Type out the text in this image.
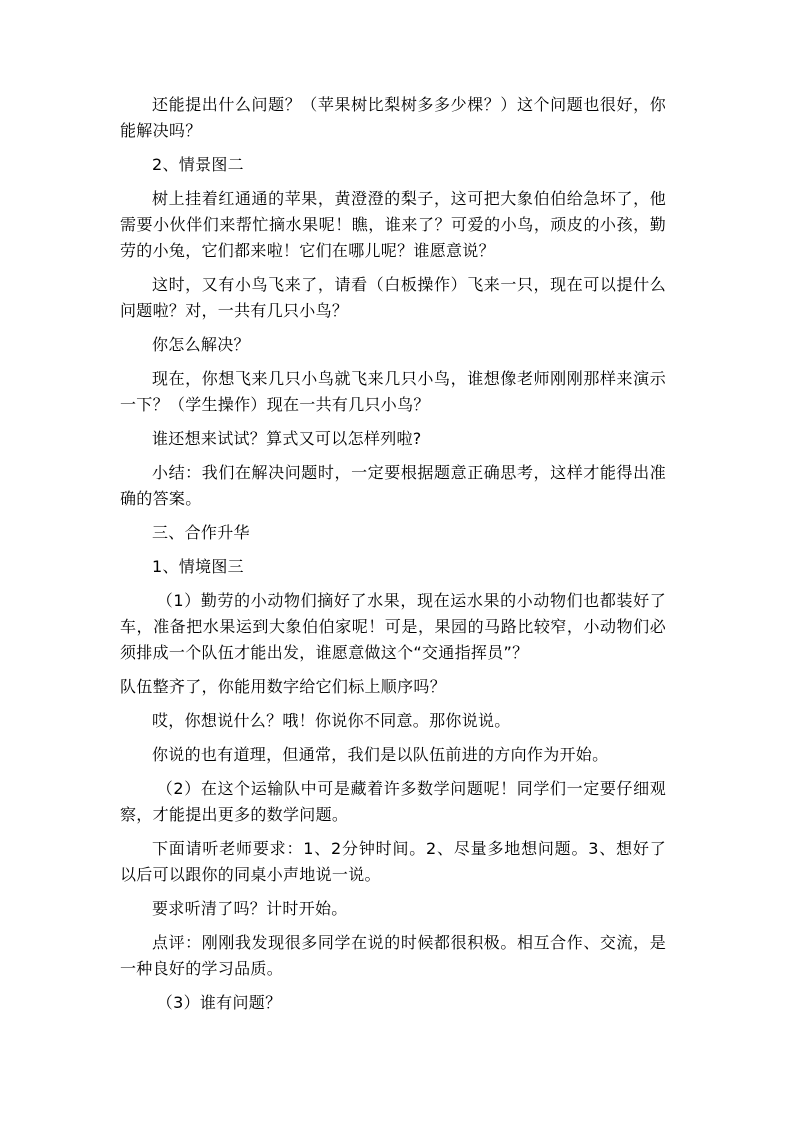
还能提出什么问题？（苹果树比梨树多多少棵？）这个问题也很好，你能解决吗？

2、情景图二

树上挂着红通通的苹果，黄澄澄的梨子，这可把大象伯伯给急坏了，他需要小伙伴们来帮忙摘水果呢！瞧，谁来了？可爱的小鸟，顽皮的小孩，勤劳的小兔，它们都来啦！它们在哪儿呢？谁愿意说？

这时，又有小鸟飞来了，请看（白板操作）飞来一只，现在可以提什么问题啦？对，一共有几只小鸟？

你怎么解决？

现在，你想飞来几只小鸟就飞来几只小鸟，谁想像老师刚刚那样来演示一下？（学生操作）现在一共有几只小鸟？

谁还想来试试？算式又可以怎样列啦?

小结：我们在解决问题时，一定要根据题意正确思考，这样才能得出准确的答案。

三、合作升华

1、情境图三

（1）勤劳的小动物们摘好了水果，现在运水果的小动物们也都装好了车，准备把水果运到大象伯伯家呢！可是，果园的马路比较窄，小动物们必须排成一个队伍才能出发，谁愿意做这个“交通指挥员”？

队伍整齐了，你能用数字给它们标上顺序吗？

哎，你想说什么？哦！你说你不同意。那你说说。

你说的也有道理，但通常，我们是以队伍前进的方向作为开始。

（2）在这个运输队中可是藏着许多数学问题呢！同学们一定要仔细观察，才能提出更多的数学问题。

下面请听老师要求：1、2分钟时间。2、尽量多地想问题。3、想好了以后可以跟你的同桌小声地说一说。

要求听清了吗？计时开始。

点评：刚刚我发现很多同学在说的时候都很积极。相互合作、交流，是一种良好的学习品质。

（3）谁有问题？
